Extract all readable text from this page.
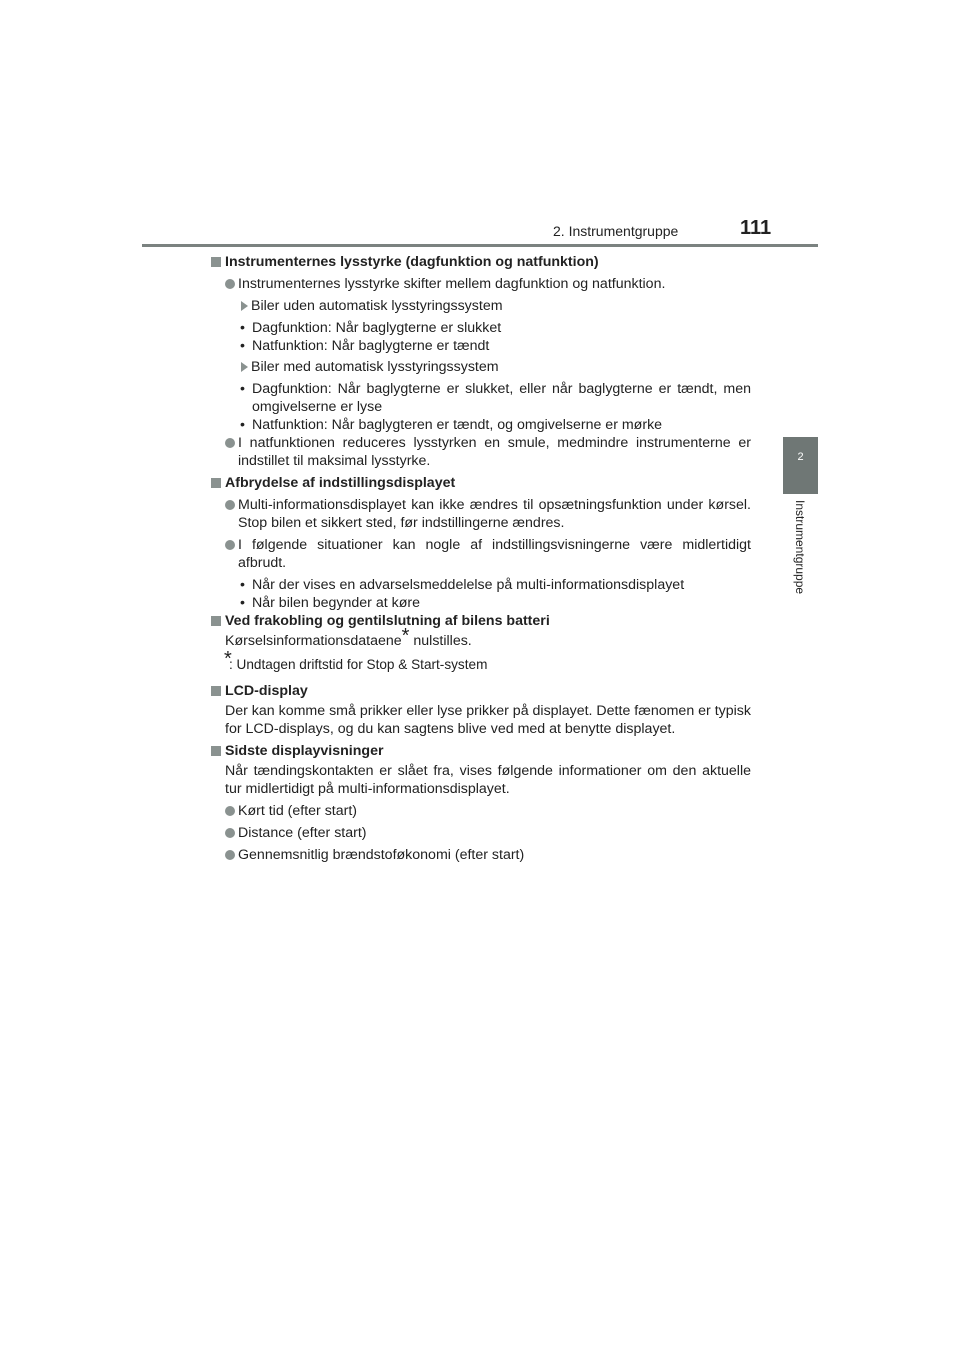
2. Instrumentgruppe	111
2
Instrumentgruppe

Instrumenternes lysstyrke (dagfunktion og natfunktion)

Instrumenternes lysstyrke skifter mellem dagfunktion og natfunktion.

Biler uden automatisk lysstyringssystem

• Dagfunktion: Når baglygterne er slukket

• Natfunktion: Når baglygterne er tændt

Biler med automatisk lysstyringssystem

• Dagfunktion: Når baglygterne er slukket, eller når baglygterne er tændt, men omgivelserne er lyse

• Natfunktion: Når baglygteren er tændt, og omgivelserne er mørke

I natfunktionen reduceres lysstyrken en smule, medmindre instrumenterne er indstillet til maksimal lysstyrke.

Afbrydelse af indstillingsdisplayet

Multi-informationsdisplayet kan ikke ændres til opsætningsfunktion under kørsel. Stop bilen et sikkert sted, før indstillingerne ændres.

I følgende situationer kan nogle af indstillingsvisningerne være midlertidigt afbrudt.

• Når der vises en advarselsmeddelelse på multi-informationsdisplayet

• Når bilen begynder at køre

Ved frakobling og gentilslutning af bilens batteri

Kørselsinformationsdataene* nulstilles.

*
: Undtagen driftstid for Stop & Start-system

LCD-display

Der kan komme små prikker eller lyse prikker på displayet. Dette fænomen er typisk for LCD-displays, og du kan sagtens blive ved med at benytte displayet.

Sidste displayvisninger

Når tændingskontakten er slået fra, vises følgende informationer om den aktuelle tur midlertidigt på multi-informationsdisplayet.

Kørt tid (efter start)

Distance (efter start)

Gennemsnitlig brændstoføkonomi (efter start)
